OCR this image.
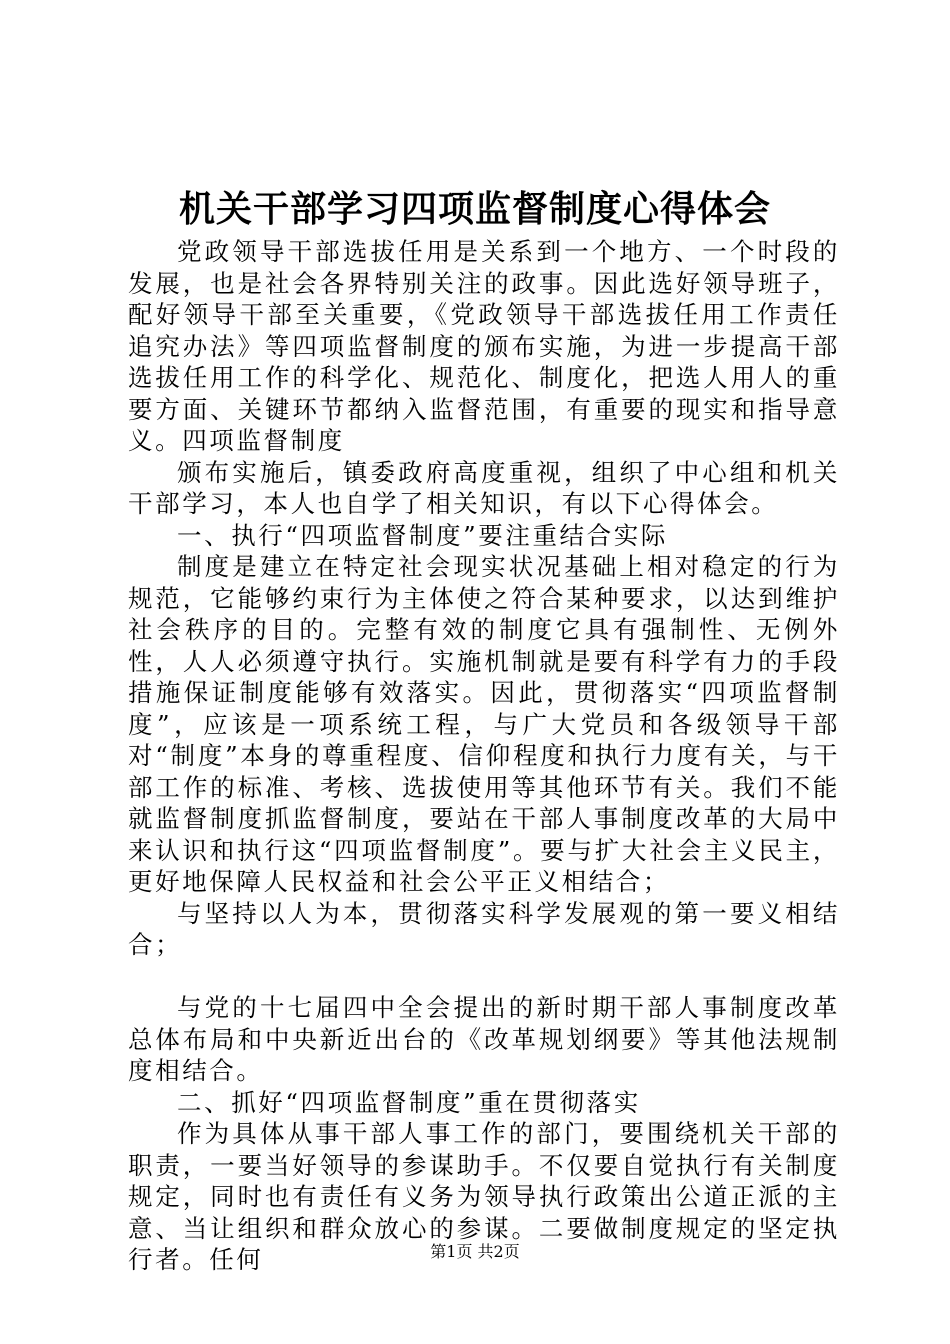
机关干部学习四项监督制度心得体会

党政领导干部选拔任用是关系到一个地方、一个时段的发展，也是社会各界特别关注的政事。因此选好领导班子，配好领导干部至关重要，《党政领导干部选拔任用工作责任追究办法》等四项监督制度的颁布实施，为进一步提高干部选拔任用工作的科学化、规范化、制度化，把选人用人的重要方面、关键环节都纳入监督范围，有重要的现实和指导意义。四项监督制度

颁布实施后，镇委政府高度重视，组织了中心组和机关干部学习，本人也自学了相关知识，有以下心得体会。

一、执行“四项监督制度”要注重结合实际

制度是建立在特定社会现实状况基础上相对稳定的行为规范，它能够约束行为主体使之符合某种要求，以达到维护社会秩序的目的。完整有效的制度它具有强制性、无例外性，人人必须遵守执行。实施机制就是要有科学有力的手段措施保证制度能够有效落实。因此，贯彻落实“四项监督制度”，应该是一项系统工程，与广大党员和各级领导干部对“制度”本身的尊重程度、信仰程度和执行力度有关，与干部工作的标准、考核、选拔使用等其他环节有关。我们不能就监督制度抓监督制度，要站在干部人事制度改革的大局中来认识和执行这“四项监督制度”。要与扩大社会主义民主，更好地保障人民权益和社会公平正义相结合；

与坚持以人为本，贯彻落实科学发展观的第一要义相结合；

与党的十七届四中全会提出的新时期干部人事制度改革总体布局和中央新近出台的《改革规划纲要》等其他法规制度相结合。

二、抓好“四项监督制度”重在贯彻落实

作为具体从事干部人事工作的部门，要围绕机关干部的职责，一要当好领导的参谋助手。不仅要自觉执行有关制度规定，同时也有责任有义务为领导执行政策出公道正派的主意、当让组织和群众放心的参谋。二要做制度规定的坚定执行者。任何	第1页 共2页
